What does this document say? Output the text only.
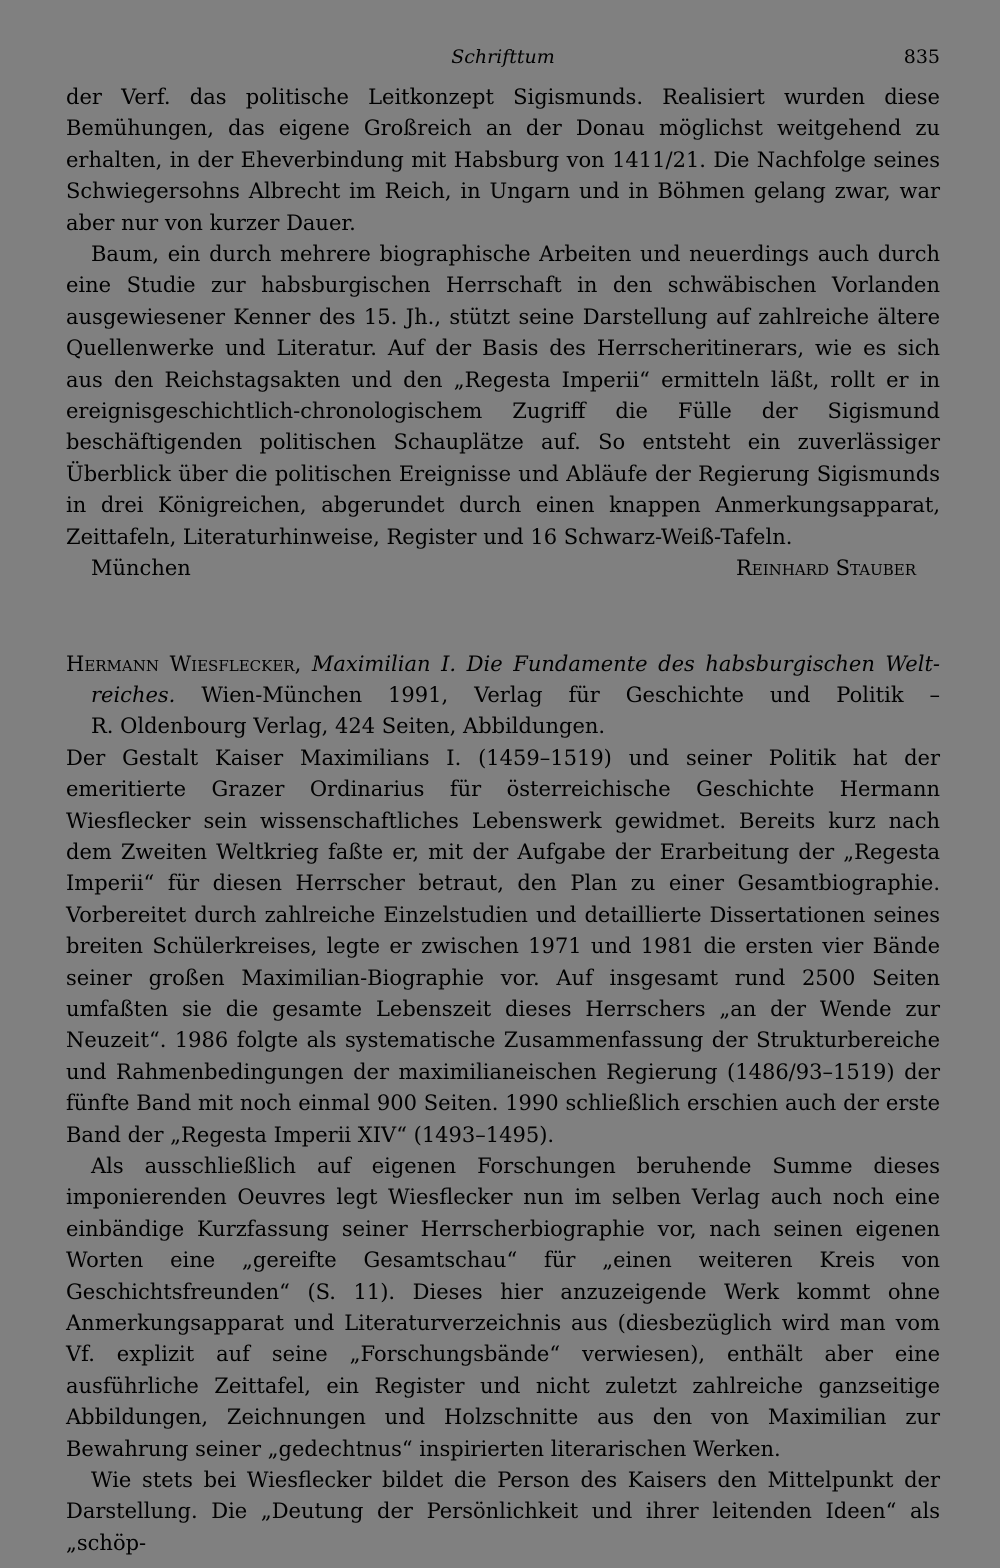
Schrifttum	835

der Verf. das politische Leitkonzept Sigismunds. Realisiert wurden diese Bemühungen, das eigene Großreich an der Donau möglichst weitgehend zu erhalten, in der Eheverbindung mit Habsburg von 1411/21. Die Nachfolge seines Schwiegersohns Albrecht im Reich, in Ungarn und in Böhmen gelang zwar, war aber nur von kurzer Dauer.

Baum, ein durch mehrere biographische Arbeiten und neuerdings auch durch eine Studie zur habsburgischen Herrschaft in den schwäbischen Vorlanden ausgewiesener Kenner des 15. Jh., stützt seine Darstellung auf zahlreiche ältere Quellenwerke und Literatur. Auf der Basis des Herrscheritinerars, wie es sich aus den Reichstagsakten und den „Regesta Imperii“ ermitteln läßt, rollt er in ereignisgeschichtlich-chronologischem Zugriff die Fülle der Sigismund beschäftigenden politischen Schauplätze auf. So entsteht ein zuverlässiger Überblick über die politischen Ereignisse und Abläufe der Regierung Sigismunds in drei Königreichen, abgerundet durch einen knappen Anmerkungsapparat, Zeittafeln, Literaturhinweise, Register und 16 Schwarz-Weiß-Tafeln.

München	Reinhard Stauber
Hermann Wiesflecker, Maximilian I. Die Fundamente des habsburgischen Welt-
reiches. Wien-München 1991, Verlag für Geschichte und Politik –
R. Oldenbourg Verlag, 424 Seiten, Abbildungen.

Der Gestalt Kaiser Maximilians I. (1459–1519) und seiner Politik hat der emeritierte Grazer Ordinarius für österreichische Geschichte Hermann Wiesflecker sein wissenschaftliches Lebenswerk gewidmet. Bereits kurz nach dem Zweiten Weltkrieg faßte er, mit der Aufgabe der Erarbeitung der „Regesta Imperii“ für diesen Herrscher betraut, den Plan zu einer Gesamtbiographie. Vorbereitet durch zahlreiche Einzelstudien und detaillierte Dissertationen seines breiten Schülerkreises, legte er zwischen 1971 und 1981 die ersten vier Bände seiner großen Maximilian-Biographie vor. Auf insgesamt rund 2500 Seiten umfaßten sie die gesamte Lebenszeit dieses Herrschers „an der Wende zur Neuzeit“. 1986 folgte als systematische Zusammenfassung der Strukturbereiche und Rahmenbedingungen der maximilianeischen Regierung (1486/93–1519) der fünfte Band mit noch einmal 900 Seiten. 1990 schließlich erschien auch der erste Band der „Regesta Imperii XIV“ (1493–1495).

Als ausschließlich auf eigenen Forschungen beruhende Summe dieses imponierenden Oeuvres legt Wiesflecker nun im selben Verlag auch noch eine einbändige Kurzfassung seiner Herrscherbiographie vor, nach seinen eigenen Worten eine „gereifte Gesamtschau“ für „einen weiteren Kreis von Geschichtsfreunden“ (S. 11). Dieses hier anzuzeigende Werk kommt ohne Anmerkungsapparat und Literaturverzeichnis aus (diesbezüglich wird man vom Vf. explizit auf seine „Forschungsbände“ verwiesen), enthält aber eine ausführliche Zeittafel, ein Register und nicht zuletzt zahlreiche ganzseitige Abbildungen, Zeichnungen und Holzschnitte aus den von Maximilian zur Bewahrung seiner „gedechtnus“ inspirierten literarischen Werken.

Wie stets bei Wiesflecker bildet die Person des Kaisers den Mittelpunkt der Darstellung. Die „Deutung der Persönlichkeit und ihrer leitenden Ideen“ als „schöp-
